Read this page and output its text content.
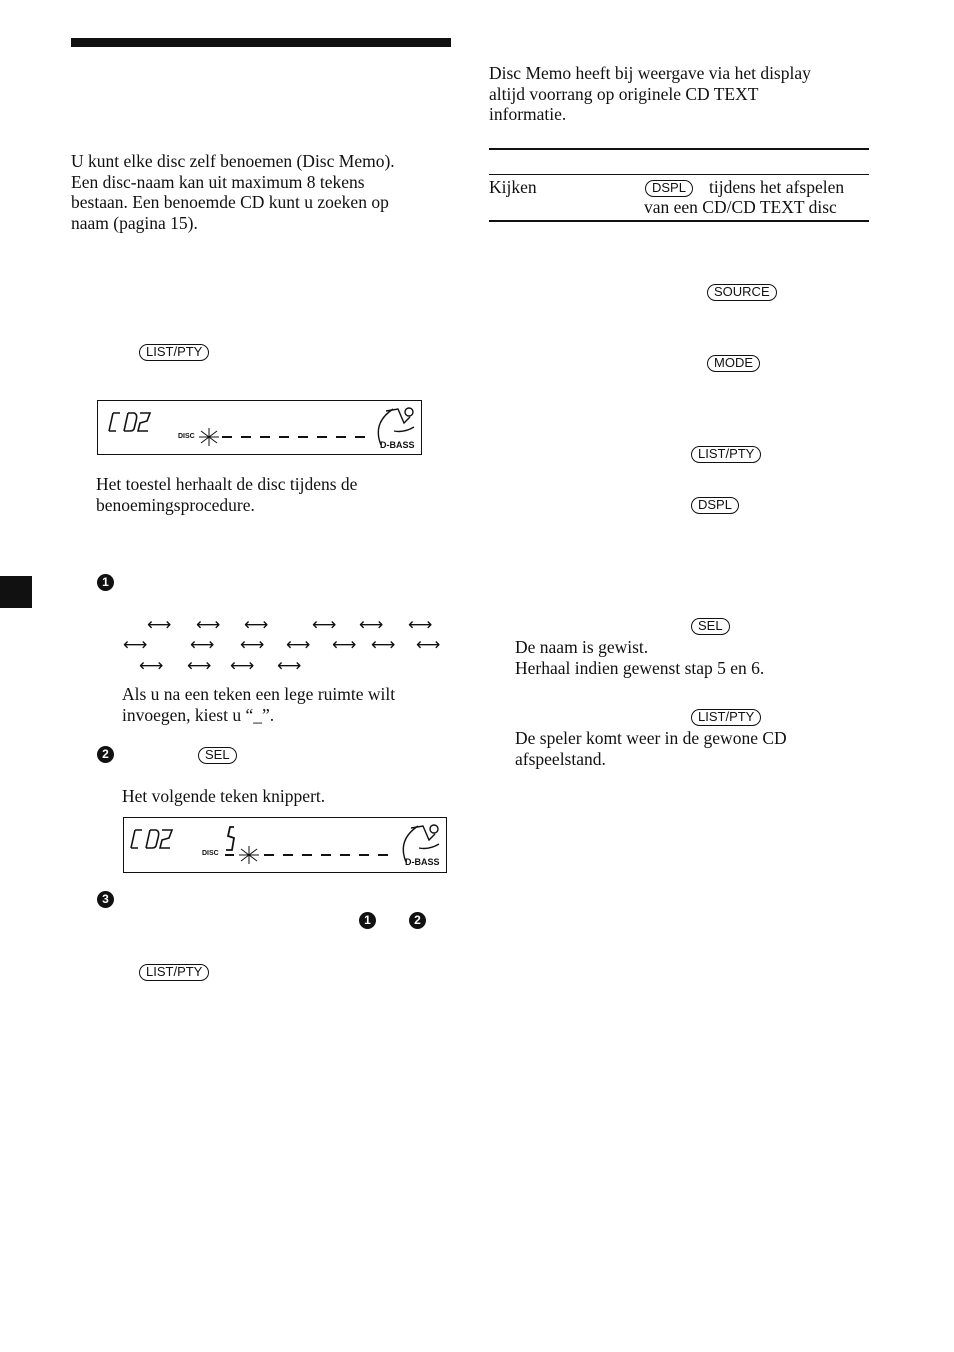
U kunt elke disc zelf benoemen (Disc Memo).
Een disc-naam kan uit maximum 8 tekens
bestaan. Een benoemde CD kunt u zoeken op
naam (pagina 15).
LIST/PTY
DISC
D-BASS
Het toestel herhaalt de disc tijdens de
benoemingsprocedure.
1
⟷ ⟷ ⟷	⟷ ⟷ ⟷
⟷	⟷ ⟷ ⟷ ⟷ ⟷ ⟷
⟷ ⟷ ⟷ ⟷
Als u na een teken een lege ruimte wilt
invoegen, kiest u “_”.
2	SEL
Het volgende teken knippert.
DISC
S
D-BASS
3
1	2
LIST/PTY
Disc Memo heeft bij weergave via het display
altijd voorrang op originele CD TEXT
informatie.
Kijken	DSPL	tijdens het afspelen
van een CD/CD TEXT disc
SOURCE
MODE
LIST/PTY
DSPL
SEL
De naam is gewist.
Herhaal indien gewenst stap 5 en 6.
LIST/PTY
De speler komt weer in de gewone CD
afspeelstand.
